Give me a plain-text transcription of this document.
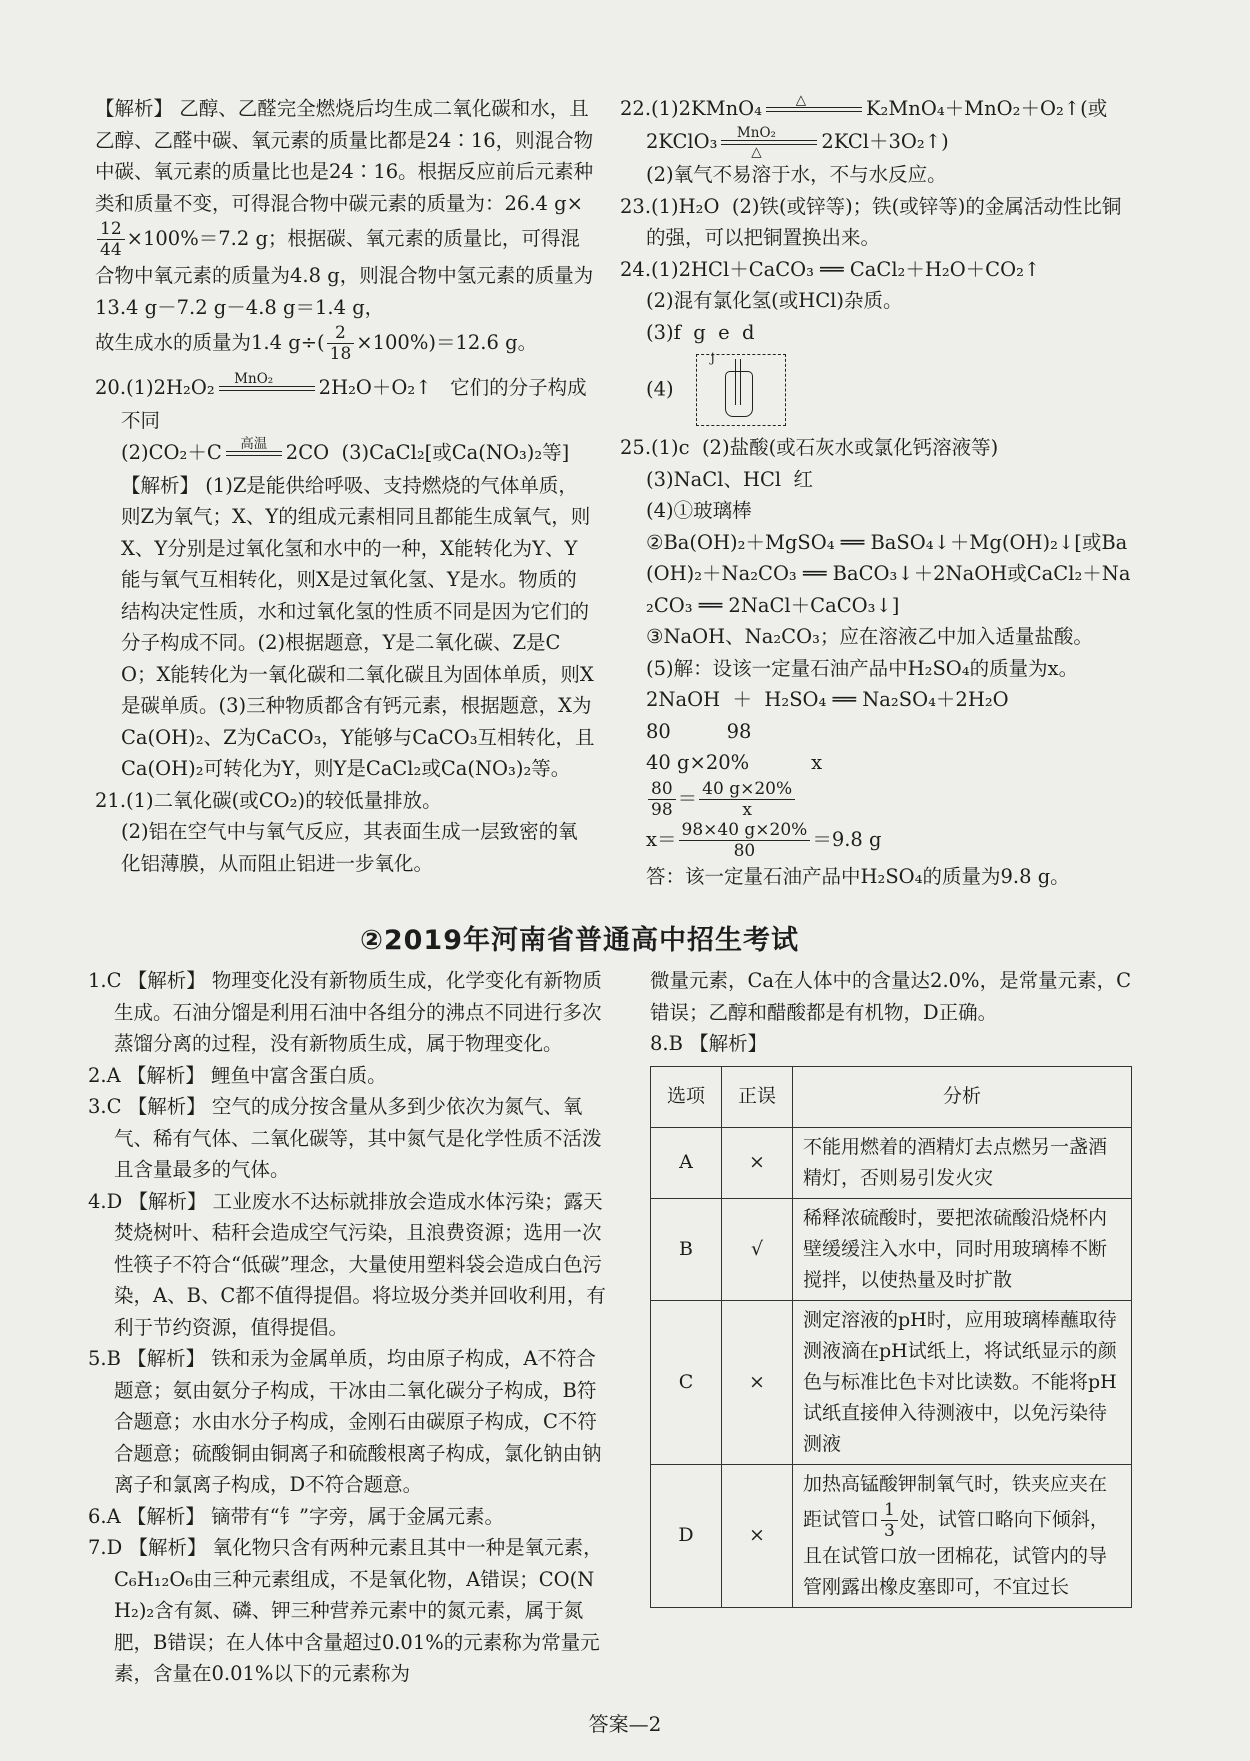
【解析】 乙醇、乙醛完全燃烧后均生成二氧化碳和水，且乙醇、乙醛中碳、氧元素的质量比都是24∶16，则混合物中碳、氧元素的质量比也是24∶16。根据反应前后元素种类和质量不变，可得混合物中碳元素的质量为：26.4 g×
$\frac{12}{44} \times 100\%=7.2$ g；根据碳、氧元素的质量比，可得混合物中氧元素的质量为4.8 g，则混合物中氢元素的质量为13.4 g－7.2 g－4.8 g＝1.4 g，

故生成水的质量为1.4 $g\div( \frac{2}{18} \times 100\%)=12.6$ g。

20.(1)2H₂O₂	MnO₂	2H₂O＋O₂↑   它们的分子构成不同

(2)CO₂＋C	高温 2CO  (3)CaCl₂[或Ca(NO₃)₂等]

【解析】 (1)Z是能供给呼吸、支持燃烧的气体单质，则Z为氧气；X、Y的组成元素相同且都能生成氧气，则X、Y分别是过氧化氢和水中的一种，X能转化为Y、Y能与氧气互相转化，则X是过氧化氢、Y是水。物质的结构决定性质，水和过氧化氢的性质不同是因为它们的分子构成不同。(2)根据题意，Y是二氧化碳、Z是CO；X能转化为一氧化碳和二氧化碳且为固体单质，则X是碳单质。(3)三种物质都含有钙元素，根据题意，X为Ca(OH)₂、Z为CaCO₃，Y能够与CaCO₃互相转化，且Ca(OH)₂可转化为Y，则Y是CaCl₂或Ca(NO₃)₂等。

21.(1)二氧化碳(或CO₂)的较低量排放。

(2)铝在空气中与氧气反应，其表面生成一层致密的氧化铝薄膜，从而阻止铝进一步氧化。

22.(1)2KMnO₄	△	K₂MnO₄＋MnO₂＋O₂↑(或
2KClO₃	MnO₂
△	2KCl＋3O₂↑)

(2)氧气不易溶于水，不与水反应。

23.(1)H₂O  (2)铁(或锌等)；铁(或锌等)的金属活动性比铜的强，可以把铜置换出来。

24.(1)2HCl＋CaCO₃ ══ CaCl₂＋H₂O＋CO₂↑

(2)混有氯化氢(或HCl)杂质。

(3)f  g  e  d

(4)
j

25.(1)c  (2)盐酸(或石灰水或氯化钙溶液等)

(3)NaCl、HCl  红

(4)①玻璃棒

②Ba(OH)₂＋MgSO₄ ══ BaSO₄↓＋Mg(OH)₂↓[或Ba(OH)₂＋Na₂CO₃ ══ BaCO₃↓＋2NaOH或CaCl₂＋Na₂CO₃ ══ 2NaCl＋CaCO₃↓]

③NaOH、Na₂CO₃；应在溶液乙中加入适量盐酸。

(5)解：设该一定量石油产品中H₂SO₄的质量为x。

2NaOH  ＋  H₂SO₄ ══ Na₂SO₄＋2H₂O

80         98

40 g×20%          x

$\frac{80}{98} = \frac{40 g\times 20\%}{x}$

$x= \frac{98\times 40 g\times 20\%}{80} =9.8$ g

答：该一定量石油产品中H₂SO₄的质量为9.8 g。

②2019年河南省普通高中招生考试

1.C 【解析】 物理变化没有新物质生成，化学变化有新物质生成。石油分馏是利用石油中各组分的沸点不同进行多次蒸馏分离的过程，没有新物质生成，属于物理变化。

2.A 【解析】 鲤鱼中富含蛋白质。

3.C 【解析】 空气的成分按含量从多到少依次为氮气、氧气、稀有气体、二氧化碳等，其中氮气是化学性质不活泼且含量最多的气体。

4.D 【解析】 工业废水不达标就排放会造成水体污染；露天焚烧树叶、秸秆会造成空气污染，且浪费资源；选用一次性筷子不符合“低碳”理念，大量使用塑料袋会造成白色污染，A、B、C都不值得提倡。将垃圾分类并回收利用，有利于节约资源，值得提倡。

5.B 【解析】 铁和汞为金属单质，均由原子构成，A不符合题意；氨由氨分子构成，干冰由二氧化碳分子构成，B符合题意；水由水分子构成，金刚石由碳原子构成，C不符合题意；硫酸铜由铜离子和硫酸根离子构成，氯化钠由钠离子和氯离子构成，D不符合题意。

6.A 【解析】 镝带有“钅”字旁，属于金属元素。

7.D 【解析】 氧化物只含有两种元素且其中一种是氧元素，C₆H₁₂O₆由三种元素组成，不是氧化物，A错误；CO(NH₂)₂含有氮、磷、钾三种营养元素中的氮元素，属于氮肥，B错误；在人体中含量超过0.01%的元素称为常量元素，含量在0.01%以下的元素称为

微量元素，Ca在人体中的含量达2.0%，是常量元素，C错误；乙醇和醋酸都是有机物，D正确。

8.B 【解析】

选项	正误	分析
A	×	不能用燃着的酒精灯去点燃另一盏酒精灯，否则易引发火灾
B	√	稀释浓硫酸时，要把浓硫酸沿烧杯内壁缓缓注入水中，同时用玻璃棒不断搅拌，以使热量及时扩散
C	×	测定溶液的pH时，应用玻璃棒蘸取待测液滴在pH试纸上，将试纸显示的颜色与标准比色卡对比读数。不能将pH试纸直接伸入待测液中，以免污染待测液
D	×	加热高锰酸钾制氧气时，铁夹应夹在距试管口 $\frac{1}{3}$ 处，试管口略向下倾斜，且在试管口放一团棉花，试管内的导管刚露出橡皮塞即可，不宜过长
答案—2
